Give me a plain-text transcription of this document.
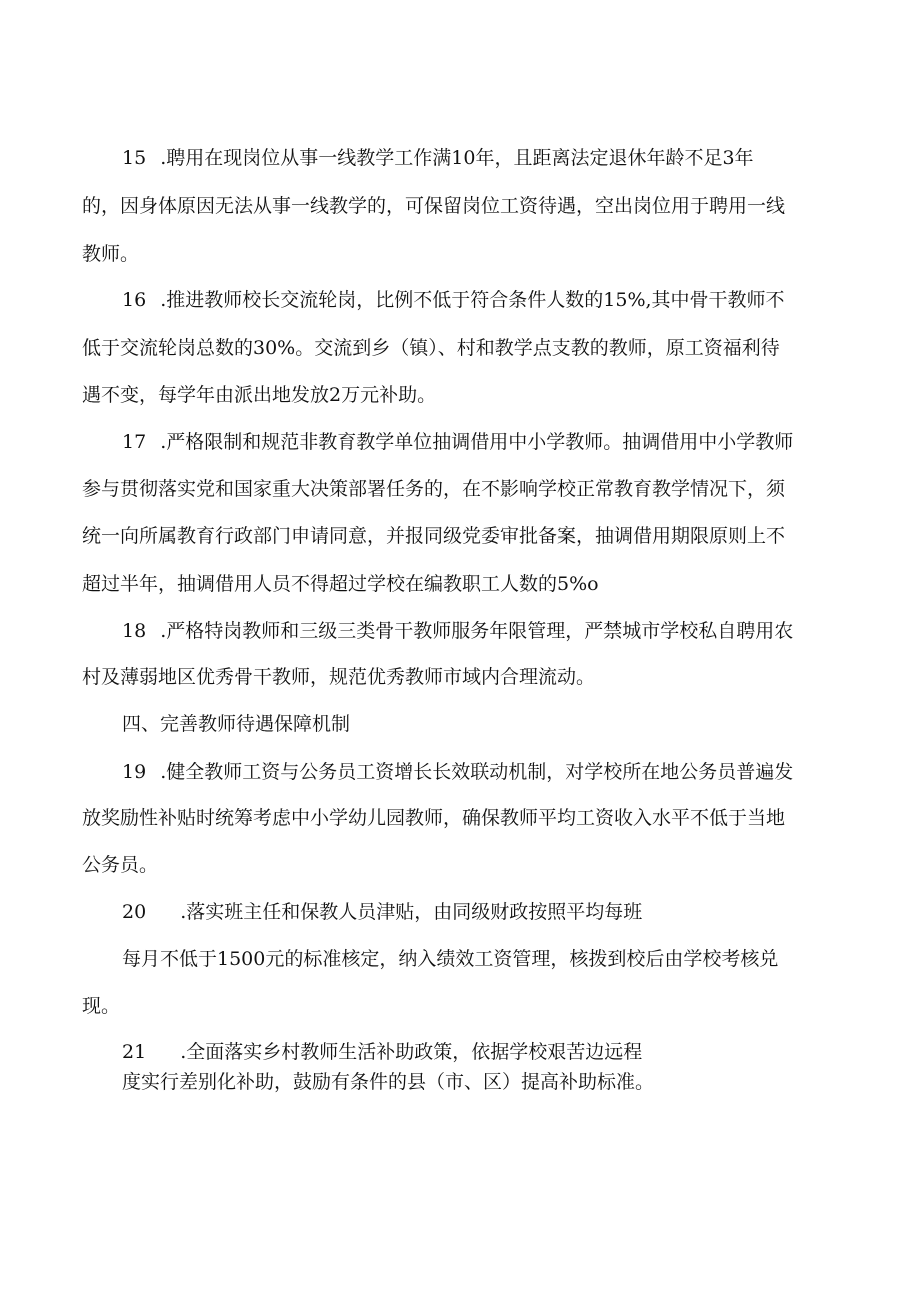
15 .聘用在现岗位从事一线教学工作满10年，且距离法定退休年龄不足3年
的，因身体原因无法从事一线教学的，可保留岗位工资待遇，空出岗位用于聘用一线
教师。
16 .推进教师校长交流轮岗，比例不低于符合条件人数的15%,其中骨干教师不
低于交流轮岗总数的30%。交流到乡（镇）、村和教学点支教的教师，原工资福利待
遇不变，每学年由派出地发放2万元补助。
17 .严格限制和规范非教育教学单位抽调借用中小学教师。抽调借用中小学教师
参与贯彻落实党和国家重大决策部署任务的，在不影响学校正常教育教学情况下，须
统一向所属教育行政部门申请同意，并报同级党委审批备案，抽调借用期限原则上不
超过半年，抽调借用人员不得超过学校在编教职工人数的5%o
18 .严格特岗教师和三级三类骨干教师服务年限管理，严禁城市学校私自聘用农
村及薄弱地区优秀骨干教师，规范优秀教师市域内合理流动。
四、完善教师待遇保障机制
19 .健全教师工资与公务员工资增长长效联动机制，对学校所在地公务员普遍发
放奖励性补贴时统筹考虑中小学幼儿园教师，确保教师平均工资收入水平不低于当地
公务员。
20 .落实班主任和保教人员津贴，由同级财政按照平均每班
每月不低于1500元的标准核定，纳入绩效工资管理，核拨到校后由学校考核兑
现。
21 .全面落实乡村教师生活补助政策，依据学校艰苦边远程
度实行差别化补助，鼓励有条件的县（市、区）提高补助标准。
